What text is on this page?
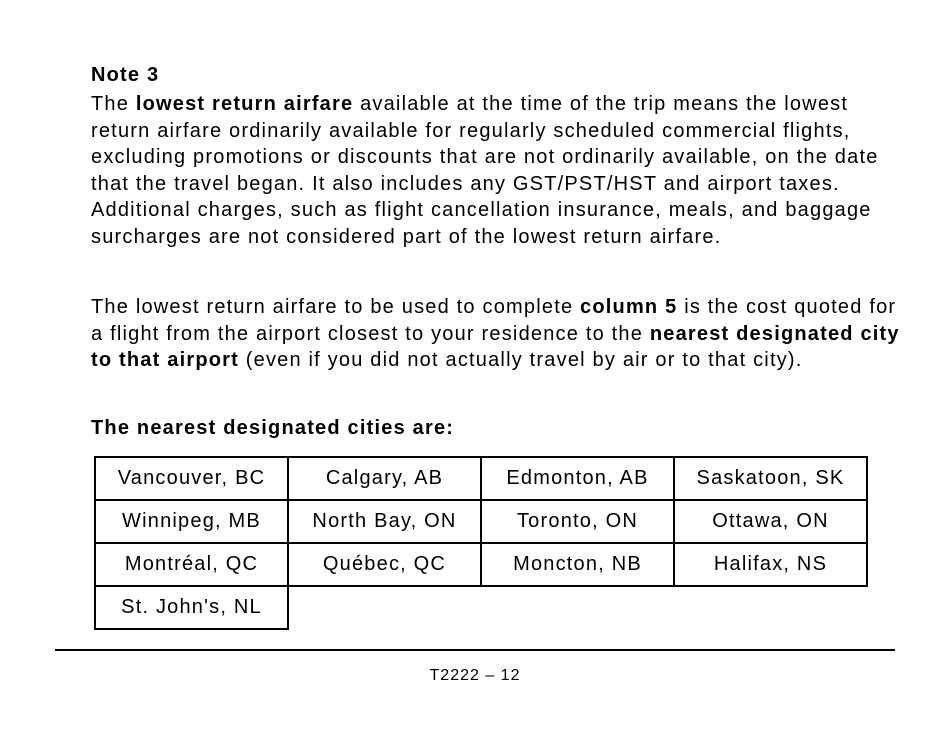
Note 3

The lowest return airfare available at the time of the trip means the lowest return airfare ordinarily available for regularly scheduled commercial flights, excluding promotions or discounts that are not ordinarily available, on the date that the travel began. It also includes any GST/PST/HST and airport taxes. Additional charges, such as flight cancellation insurance, meals, and baggage surcharges are not considered part of the lowest return airfare.

The lowest return airfare to be used to complete column 5 is the cost quoted for a flight from the airport closest to your residence to the nearest designated city to that airport (even if you did not actually travel by air or to that city).

The nearest designated cities are:
Vancouver, BC	Calgary, AB	Edmonton, AB	Saskatoon, SK
Winnipeg, MB	North Bay, ON	Toronto, ON	Ottawa, ON
Montréal, QC	Québec, QC	Moncton, NB	Halifax, NS
St. John's, NL			
T2222 – 12
